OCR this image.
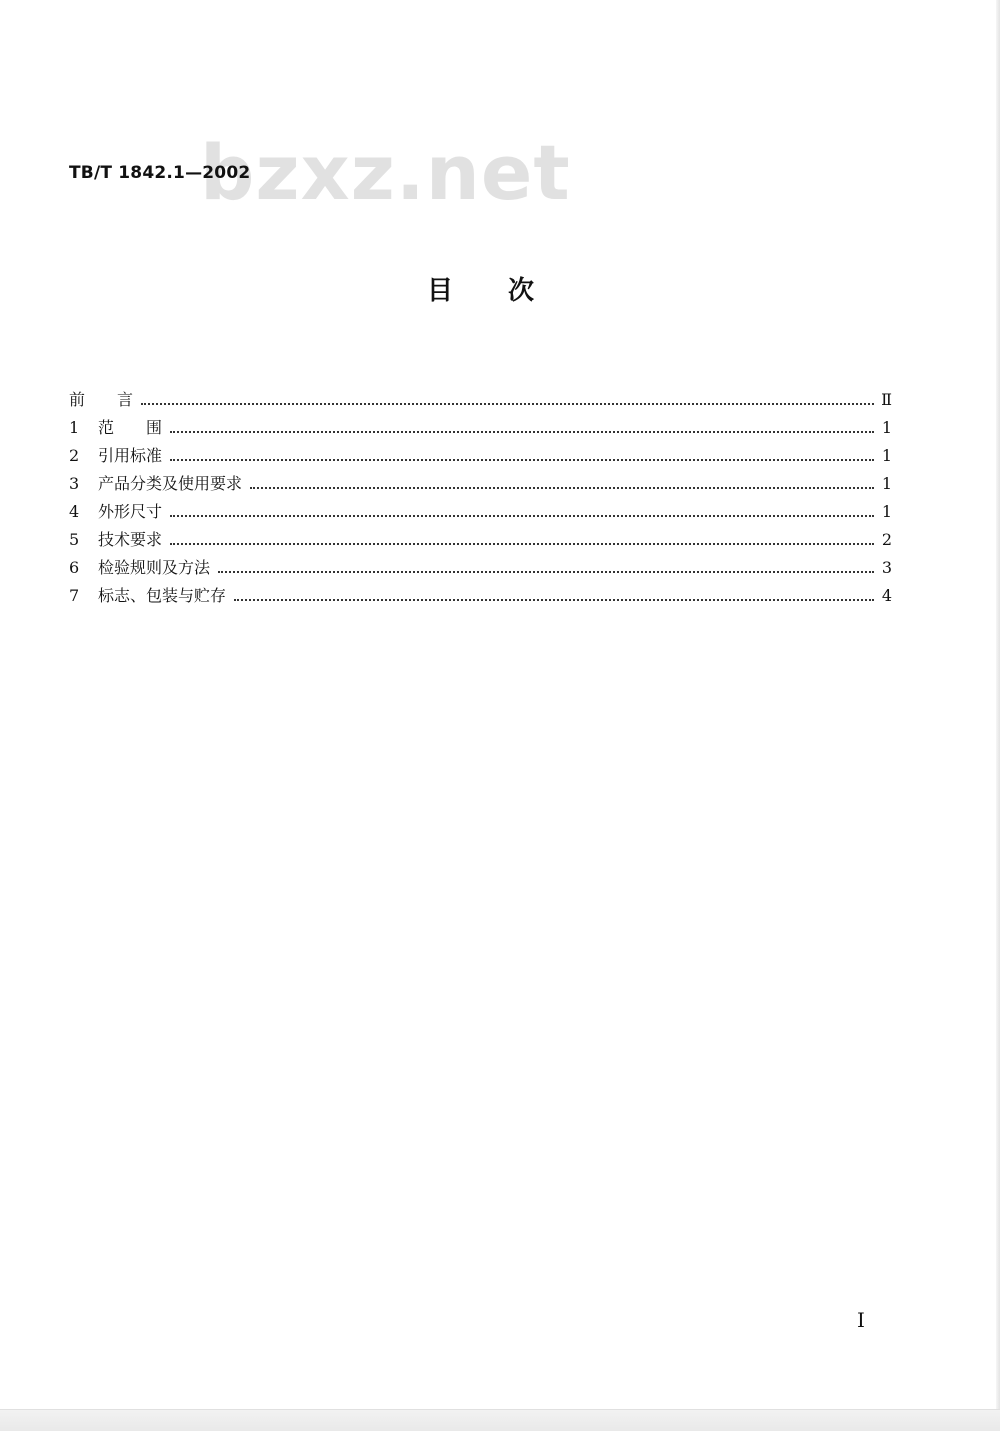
bzxz.net
TB/T 1842.1—2002
目 次
前　　言	Ⅱ
1	范　　围	1
2	引用标准	1
3	产品分类及使用要求	1
4	外形尺寸	1
5	技术要求	2
6	检验规则及方法	3
7	标志、包装与贮存	4
I
